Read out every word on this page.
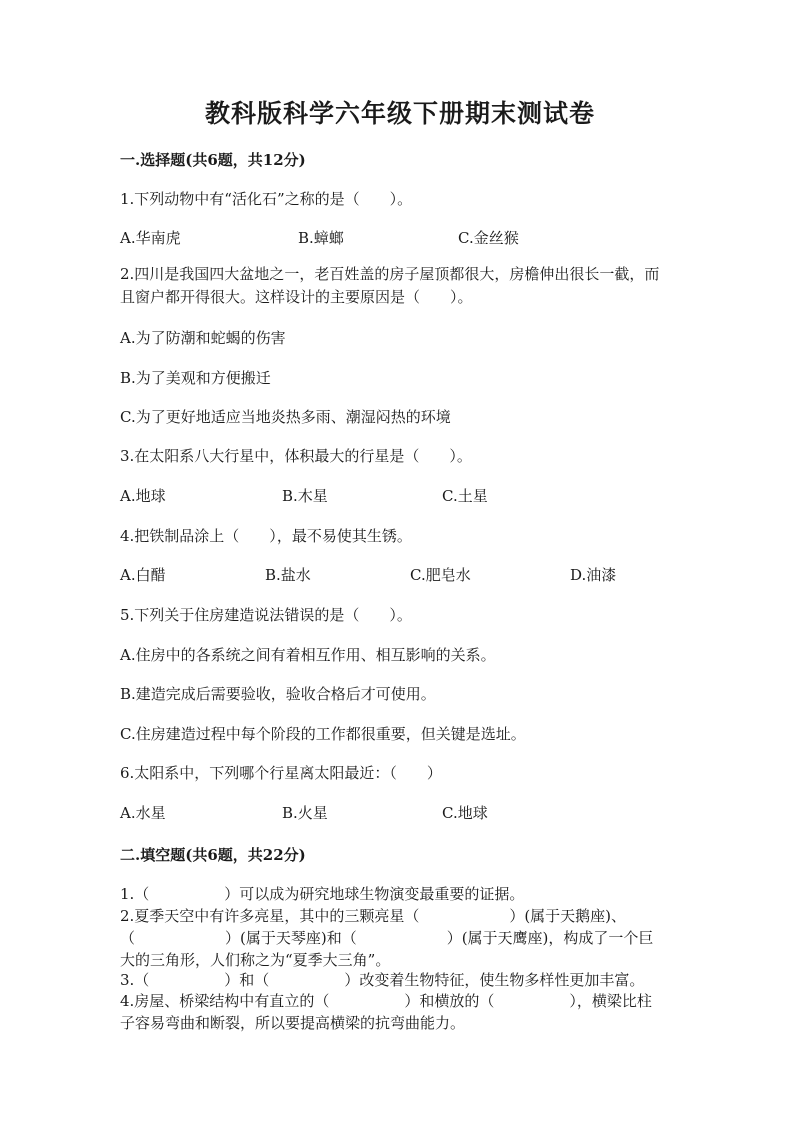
教科版科学六年级下册期末测试卷
一.选择题(共6题，共12分)
1.下列动物中有“活化石”之称的是（　　）。
A.华南虎	B.蟑螂	C.金丝猴
2.四川是我国四大盆地之一，老百姓盖的房子屋顶都很大，房檐伸出很长一截，而且窗户都开得很大。这样设计的主要原因是（　　）。
A.为了防潮和蛇蝎的伤害
B.为了美观和方便搬迁
C.为了更好地适应当地炎热多雨、潮湿闷热的环境
3.在太阳系八大行星中，体积最大的行星是（　　）。
A.地球	B.木星	C.土星
4.把铁制品涂上（　　），最不易使其生锈。
A.白醋	B.盐水	C.肥皂水	D.油漆
5.下列关于住房建造说法错误的是（　　）。
A.住房中的各系统之间有着相互作用、相互影响的关系。
B.建造完成后需要验收，验收合格后才可使用。
C.住房建造过程中每个阶段的工作都很重要，但关键是选址。
6.太阳系中，下列哪个行星离太阳最近：（　　）
A.水星	B.火星	C.地球
二.填空题(共6题，共22分)
1.（　　　　　）可以成为研究地球生物演变最重要的证据。
2.夏季天空中有许多亮星，其中的三颗亮星（　　　　　　）(属于天鹅座)、（　　　　　　）(属于天琴座)和（　　　　　　）(属于天鹰座)，构成了一个巨大的三角形，人们称之为“夏季大三角”。
3.（　　　　　）和（　　　　　）改变着生物特征，使生物多样性更加丰富。
4.房屋、桥梁结构中有直立的（　　　　　）和横放的（　　　　　），横梁比柱子容易弯曲和断裂，所以要提高横梁的抗弯曲能力。
